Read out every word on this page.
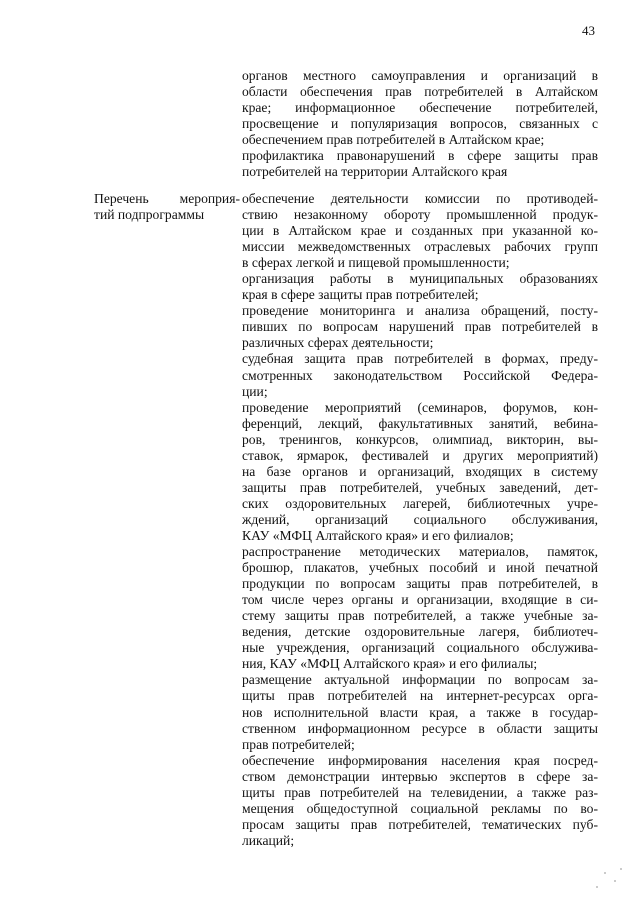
43
органов местного самоуправления и организаций в
области обеспечения прав потребителей в Алтайском
крае; информационное обеспечение потребителей,
просвещение и популяризация вопросов, связанных с
обеспечением прав потребителей в Алтайском крае;
профилактика правонарушений в сфере защиты прав
потребителей на территории Алтайского края
Перечень мероприя-
тий подпрограммы
обеспечение деятельности комиссии по противодей-
ствию незаконному обороту промышленной продук-
ции в Алтайском крае и созданных при указанной ко-
миссии межведомственных отраслевых рабочих групп
в сферах легкой и пищевой промышленности;
организация работы в муниципальных образованиях
края в сфере защиты прав потребителей;
проведение мониторинга и анализа обращений, посту-
пивших по вопросам нарушений прав потребителей в
различных сферах деятельности;
судебная защита прав потребителей в формах, преду-
смотренных законодательством Российской Федера-
ции;
проведение мероприятий (семинаров, форумов, кон-
ференций, лекций, факультативных занятий, вебина-
ров, тренингов, конкурсов, олимпиад, викторин, вы-
ставок, ярмарок, фестивалей и других мероприятий)
на базе органов и организаций, входящих в систему
защиты прав потребителей, учебных заведений, дет-
ских оздоровительных лагерей, библиотечных учре-
ждений, организаций социального обслуживания,
КАУ «МФЦ Алтайского края» и его филиалов;
распространение методических материалов, памяток,
брошюр, плакатов, учебных пособий и иной печатной
продукции по вопросам защиты прав потребителей, в
том числе через органы и организации, входящие в си-
стему защиты прав потребителей, а также учебные за-
ведения, детские оздоровительные лагеря, библиотеч-
ные учреждения, организаций социального обслужива-
ния, КАУ «МФЦ Алтайского края» и его филиалы;
размещение актуальной информации по вопросам за-
щиты прав потребителей на интернет-ресурсах орга-
нов исполнительной власти края, а также в государ-
ственном информационном ресурсе в области защиты
прав потребителей;
обеспечение информирования населения края посред-
ством демонстрации интервью экспертов в сфере за-
щиты прав потребителей на телевидении, а также раз-
мещения общедоступной социальной рекламы по во-
просам защиты прав потребителей, тематических пуб-
ликаций;
